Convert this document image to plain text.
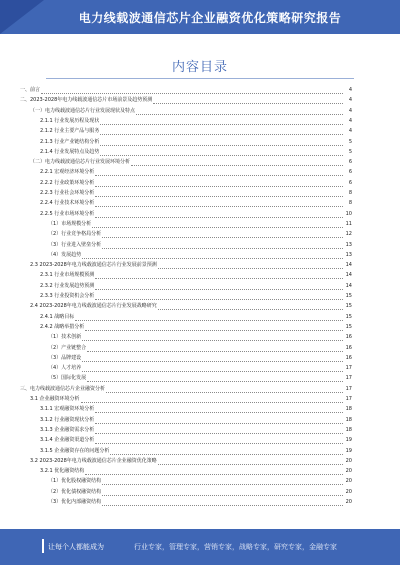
电力线载波通信芯片企业融资优化策略研究报告
内容目录
一、前言	4
二、2023-2028年电力线载波通信芯片市场前景及趋势预测	4
（一）电力线载波通信芯片行业发展现状及特点	4
2.1.1 行业发展历程及现状	4
2.1.2 行业主要产品与服务	4
2.1.3 行业产业链结构分析	5
2.1.4 行业发展特点及趋势	5
（二）电力线载波通信芯片行业发展环境分析	6
2.2.1 宏观经济环境分析	6
2.2.2 行业政策环境分析	6
2.2.3 行业社会环境分析	8
2.2.4 行业技术环境分析	8
2.2.5 行业市场环境分析	10
（1）市场规模分析	11
（2）行业竞争格局分析	12
（3）行业进入壁垒分析	13
（4）发展趋势	13
2.3 2023-2028年电力线载波通信芯片行业发展前景预测	14
2.3.1 行业市场规模预测	14
2.3.2 行业发展趋势预测	14
2.3.3 行业投资机会分析	15
2.4 2023-2028年电力线载波通信芯片行业发展战略研究	15
2.4.1 战略目标	15
2.4.2 战略举措分析	15
（1）技术创新	16
（2）产业链整合	16
（3）品牌建设	16
（4）人才培养	17
（5）国际化发展	17
三、电力线载波通信芯片企业融资分析	17
3.1 企业融资环境分析	17
3.1.1 宏观融资环境分析	18
3.1.2 行业融资现状分析	18
3.1.3 企业融资需求分析	18
3.1.4 企业融资渠道分析	19
3.1.5 企业融资存在的问题分析	19
3.2 2023-2028年电力线载波通信芯片企业融资优化策略	20
3.2.1 优化融资结构	20
（1）优化股权融资结构	20
（2）优化债权融资结构	20
（3）优化内部融资结构	20
让每个人都能成为	行业专家，管理专家，营销专家，战略专家，研究专家，金融专家
